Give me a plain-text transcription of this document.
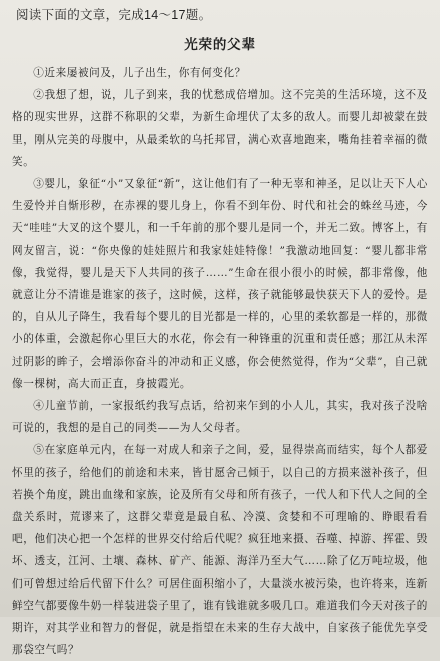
阅读下面的文章，完成14～17题。
光荣的父辈

①近来屡被问及，儿子出生，你有何变化？

②我想了想，说，儿子到来，我的忧愁成倍增加。这不完美的生活环境，这不及格的现实世界，这群不称职的父辈，为新生命埋伏了太多的敌人。而婴儿却被蒙在鼓里，刚从完美的母腹中，从最柔软的乌托邦冒，满心欢喜地跑来，嘴角挂着幸福的微笑。

③婴儿，象征“小”又象征“新”，这让他们有了一种无辜和神圣，足以让天下人心生爱怜并自惭形秽，在赤裸的婴儿身上，你看不到年份、时代和社会的蛛丝马迹，今天“哇哇”大叉的这个婴儿，和一千年前的那个婴儿是同一个，并无二致。博客上，有网友留言，说：“你央像的娃娃照片和我家娃娃特像！”我激动地回复：“婴儿都非常像，我觉得，婴儿是天下人共同的孩子……”生命在很小很小的时候，都非常像，他就意让分不清谁是谁家的孩子，这时候，这样，孩子就能够最快获天下人的爱怜。是的，自从儿子降生，我看每个婴儿的目光都是一样的，心里的柔软都是一样的，那微小的体重，会激起你心里巨大的水花，你会有一种锋重的沉重和责任感；那江从未浑过阴影的眸子，会增添你奋斗的冲动和正义感，你会使然觉得，作为“父辈”，自己就像一棵树，高大而正直，身披霞光。

④儿童节前，一家报纸约我写点话，给初来乍到的小人儿，其实，我对孩子没啥可说的，我想的是自己的同类——为人父母者。

⑤在家庭单元内，在每一对成人和亲子之间，爱，显得崇高而结实，每个人都爱怀里的孩子，给他们的前途和未来，皆甘愿舍己倾于，以自己的方损来滋补孩子，但若换个角度，跳出血缘和家族，论及所有父母和所有孩子，一代人和下代人之间的全盘关系时，荒谬来了，这群父辈竟是最自私、冷漠、贪婪和不可理喻的、睁眼看看吧，他们决心把一个怎样的世界交付给后代呢？疯狂地来摄、吞噬、掉游、挥霍、毁坏、透支，江河、土壤、森林、矿产、能源、海洋乃至大气……除了亿万吨垃圾，他们可曾想过给后代留下什么？可居住面积缩小了，大量淡水被污染，也许将来，连新鲜空气都要像牛奶一样装进袋子里了，谁有钱谁就多吸几口。难道我们今天对孩子的期许，对其学业和智力的督促，就是指望在未来的生存大战中，自家孩子能优先享受那袋空气吗？
